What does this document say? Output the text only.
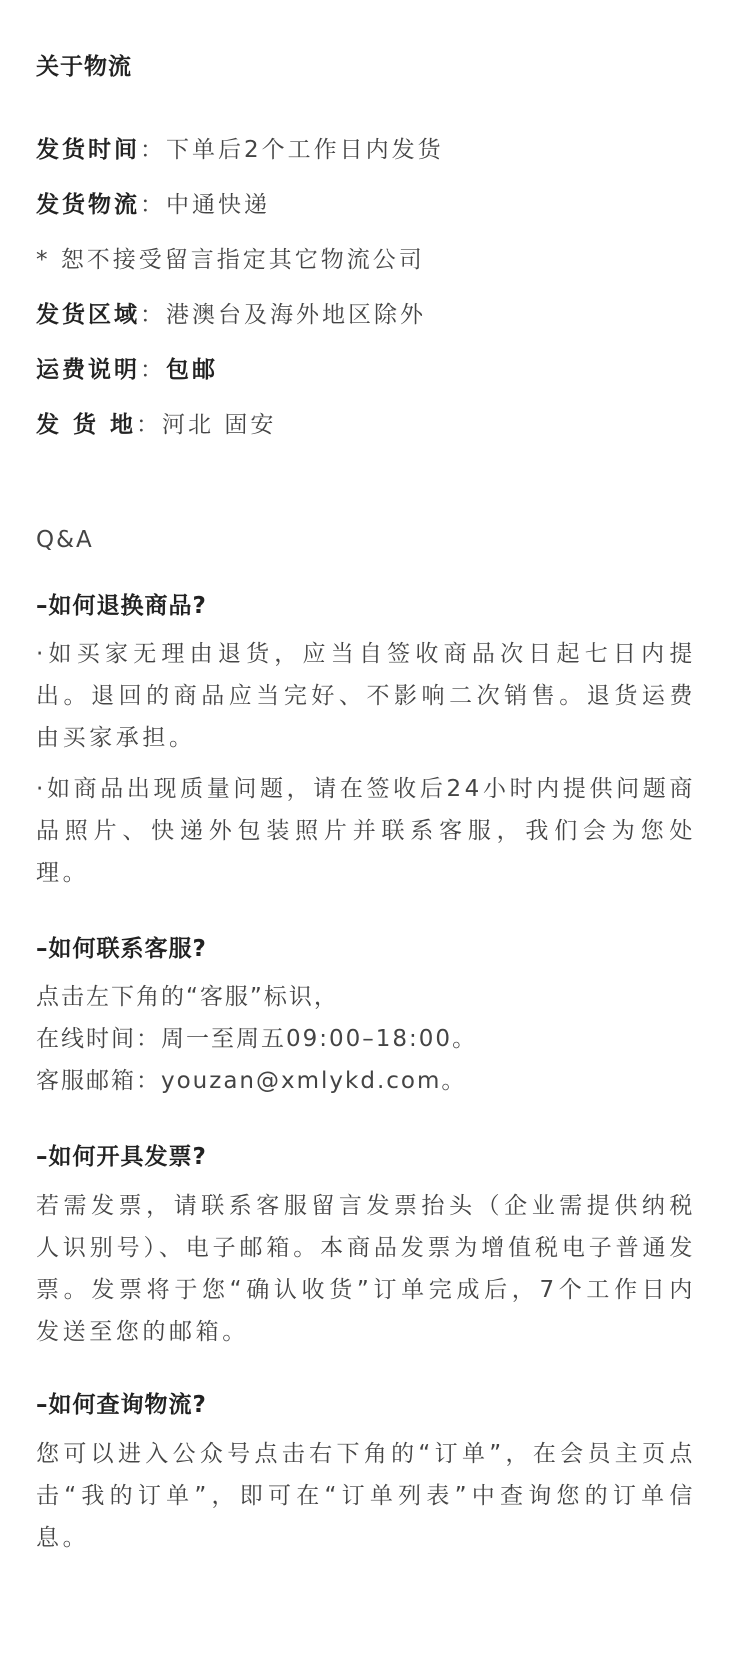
关于物流
发货时间：下单后2个工作日内发货
发货物流：中通快递
* 恕不接受留言指定其它物流公司
发货区域：港澳台及海外地区除外
运费说明：包邮
发 货 地：河北 固安
Q&A
–如何退换商品?
·如买家无理由退货，应当自签收商品次日起七日内提出。退回的商品应当完好、不影响二次销售。退货运费由买家承担。
·如商品出现质量问题，请在签收后24小时内提供问题商品照片、快递外包装照片并联系客服，我们会为您处理。
–如何联系客服?
点击左下角的“客服”标识，
在线时间：周一至周五09:00–18:00。
客服邮箱：youzan@xmlykd.com。
–如何开具发票?
若需发票，请联系客服留言发票抬头（企业需提供纳税人识别号）、电子邮箱。本商品发票为增值税电子普通发票。发票将于您“确认收货”订单完成后，7个工作日内发送至您的邮箱。
–如何查询物流?
您可以进入公众号点击右下角的“订单”，在会员主页点击“我的订单”，即可在“订单列表”中查询您的订单信息。
